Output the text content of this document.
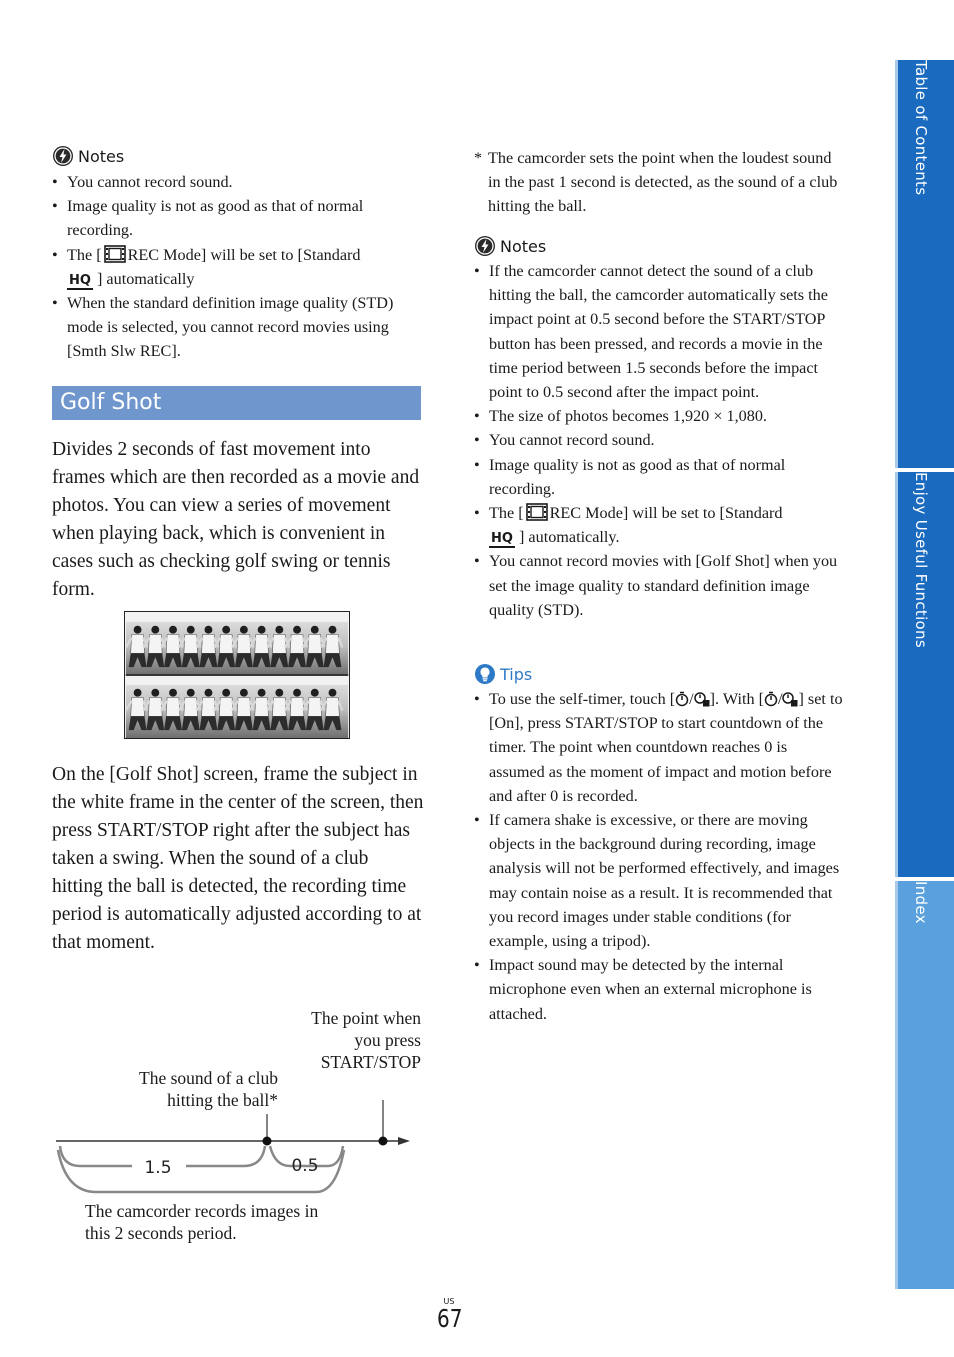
Table of Contents
Enjoy Useful Functions
Index
Notes
• You cannot record sound.
• Image quality is not as good as that of normal recording.
• The [ REC Mode] will be set to [Standard
HQ ] automatically
• When the standard definition image quality (STD) mode is selected, you cannot record movies using [Smth Slw REC].
Golf Shot

Divides 2 seconds of fast movement into frames which are then recorded as a movie and photos. You can view a series of movement when playing back, which is convenient in cases such as checking golf swing or tennis form.

On the [Golf Shot] screen, frame the subject in the white frame in the center of the screen, then press START/STOP right after the subject has taken a swing. When the sound of a club hitting the ball is detected, the recording time period is automatically adjusted according to at that moment.

The point when you press START/STOP

The sound of a club hitting the ball*

1.5	0.5

The camcorder records images in this 2 seconds period.

* The camcorder sets the point when the loudest sound in the past 1 second is detected, as the sound of a club hitting the ball.
Notes
• If the camcorder cannot detect the sound of a club hitting the ball, the camcorder automatically sets the impact point at 0.5 second before the START/STOP button has been pressed, and records a movie in the time period between 1.5 seconds before the impact point to 0.5 second after the impact point.
• The size of photos becomes 1,920 × 1,080.
• You cannot record sound.
• Image quality is not as good as that of normal recording.
• The [ REC Mode] will be set to [Standard
HQ ] automatically.
• You cannot record movies with [Golf Shot] when you set the image quality to standard definition image quality (STD).
Tips
• To use the self-timer, touch [ / ]. With [ / ] set to [On], press START/STOP to start countdown of the timer. The point when countdown reaches 0 is assumed as the moment of impact and motion before and after 0 is recorded.
• If camera shake is excessive, or there are moving objects in the background during recording, image analysis will not be performed effectively, and images may contain noise as a result. It is recommended that you record images under stable conditions (for example, using a tripod).
• Impact sound may be detected by the internal microphone even when an external microphone is attached.
US
67
